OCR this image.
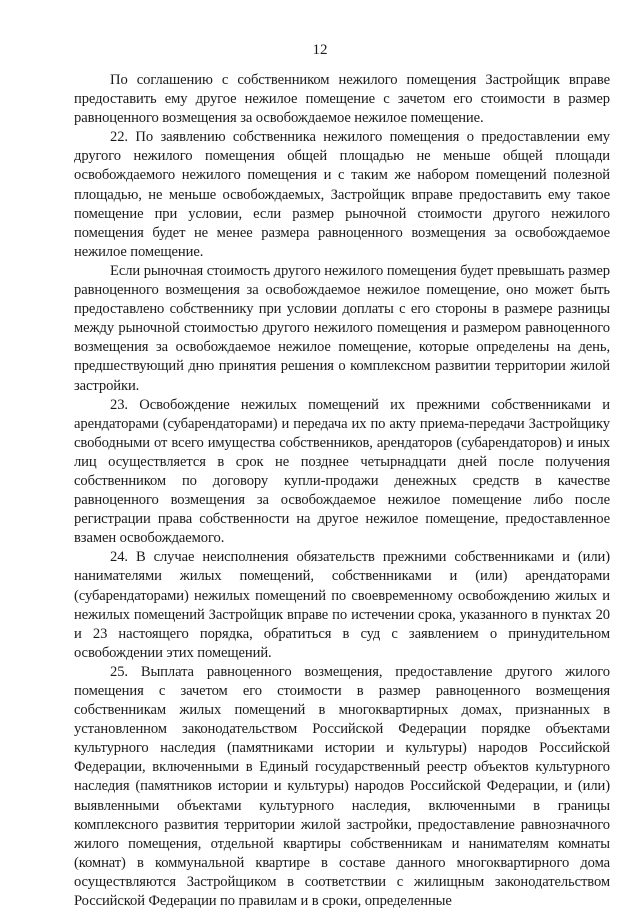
12

По соглашению с собственником нежилого помещения Застройщик вправе предоставить ему другое нежилое помещение с зачетом его стоимости в размер равноценного возмещения за освобождаемое нежилое помещение.

22. По заявлению собственника нежилого помещения о предоставлении ему другого нежилого помещения общей площадью не меньше общей площади освобождаемого нежилого помещения и с таким же набором помещений полезной площадью, не меньше освобождаемых, Застройщик вправе предоставить ему такое помещение при условии, если размер рыночной стоимости другого нежилого помещения будет не менее размера равноценного возмещения за освобождаемое нежилое помещение.

Если рыночная стоимость другого нежилого помещения будет превышать размер равноценного возмещения за освобождаемое нежилое помещение, оно может быть предоставлено собственнику при условии доплаты с его стороны в размере разницы между рыночной стоимостью другого нежилого помещения и размером равноценного возмещения за освобождаемое нежилое помещение, которые определены на день, предшествующий дню принятия решения о комплексном развитии территории жилой застройки.

23. Освобождение нежилых помещений их прежними собственниками и арендаторами (субарендаторами) и передача их по акту приема-передачи Застройщику свободными от всего имущества собственников, арендаторов (субарендаторов) и иных лиц осуществляется в срок не позднее четырнадцати дней после получения собственником по договору купли-продажи денежных средств в качестве равноценного возмещения за освобождаемое нежилое помещение либо после регистрации права собственности на другое нежилое помещение, предоставленное взамен освобождаемого.

24. В случае неисполнения обязательств прежними собственниками и (или) нанимателями жилых помещений, собственниками и (или) арендаторами (субарендаторами) нежилых помещений по своевременному освобождению жилых и нежилых помещений Застройщик вправе по истечении срока, указанного в пунктах 20 и 23 настоящего порядка, обратиться в суд с заявлением о принудительном освобождении этих помещений.

25. Выплата равноценного возмещения, предоставление другого жилого помещения с зачетом его стоимости в размер равноценного возмещения собственникам жилых помещений в многоквартирных домах, признанных в установленном законодательством Российской Федерации порядке объектами культурного наследия (памятниками истории и культуры) народов Российской Федерации, включенными в Единый государственный реестр объектов культурного наследия (памятников истории и культуры) народов Российской Федерации, и (или) выявленными объектами культурного наследия, включенными в границы комплексного развития территории жилой застройки, предоставление равнозначного жилого помещения, отдельной квартиры собственникам и нанимателям комнаты (комнат) в коммунальной квартире в составе данного многоквартирного дома осуществляются Застройщиком в соответствии с жилищным законодательством Российской Федерации по правилам и в сроки, определенные
